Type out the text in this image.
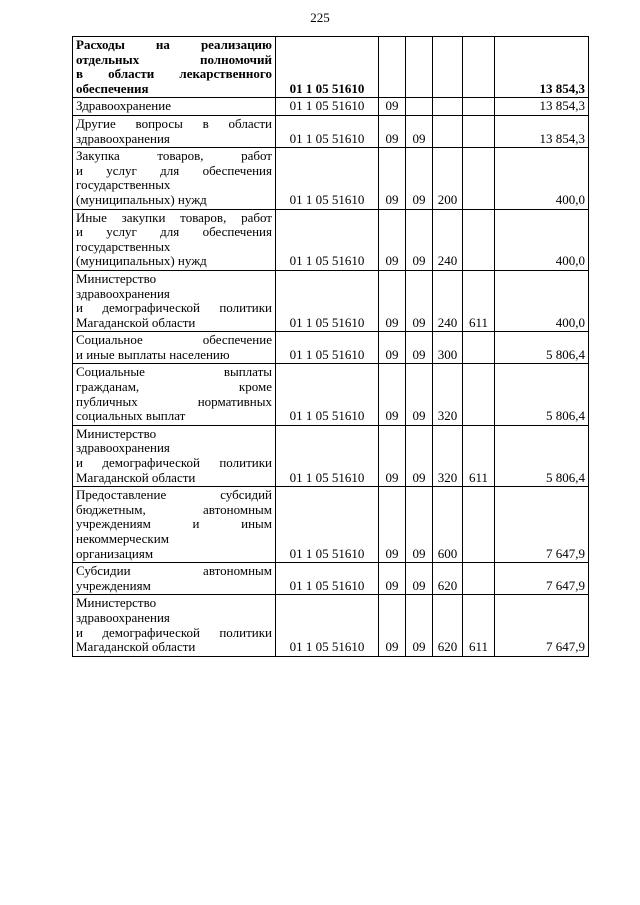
225
Расходы на реализацию
отдельных полномочий
в области лекарственного
обеспечения	01 1 05 51610					13 854,3

Здравоохранение	01 1 05 51610	09				13 854,3

Другие вопросы в области
здравоохранения	01 1 05 51610	09	09			13 854,3

Закупка товаров, работ
и услуг для обеспечения
государственных
(муниципальных) нужд	01 1 05 51610	09	09	200		400,0

Иные закупки товаров, работ
и услуг для обеспечения
государственных
(муниципальных) нужд	01 1 05 51610	09	09	240		400,0

Министерство
здравоохранения
и демографической политики
Магаданской области	01 1 05 51610	09	09	240	611	400,0

Социальное обеспечение
и иные выплаты населению	01 1 05 51610	09	09	300		5 806,4

Социальные выплаты
гражданам, кроме
публичных нормативных
социальных выплат	01 1 05 51610	09	09	320		5 806,4

Министерство
здравоохранения
и демографической политики
Магаданской области	01 1 05 51610	09	09	320	611	5 806,4

Предоставление субсидий
бюджетным, автономным
учреждениям и иным
некоммерческим
организациям	01 1 05 51610	09	09	600		7 647,9

Субсидии автономным
учреждениям	01 1 05 51610	09	09	620		7 647,9

Министерство
здравоохранения
и демографической политики
Магаданской области	01 1 05 51610	09	09	620	611	7 647,9
